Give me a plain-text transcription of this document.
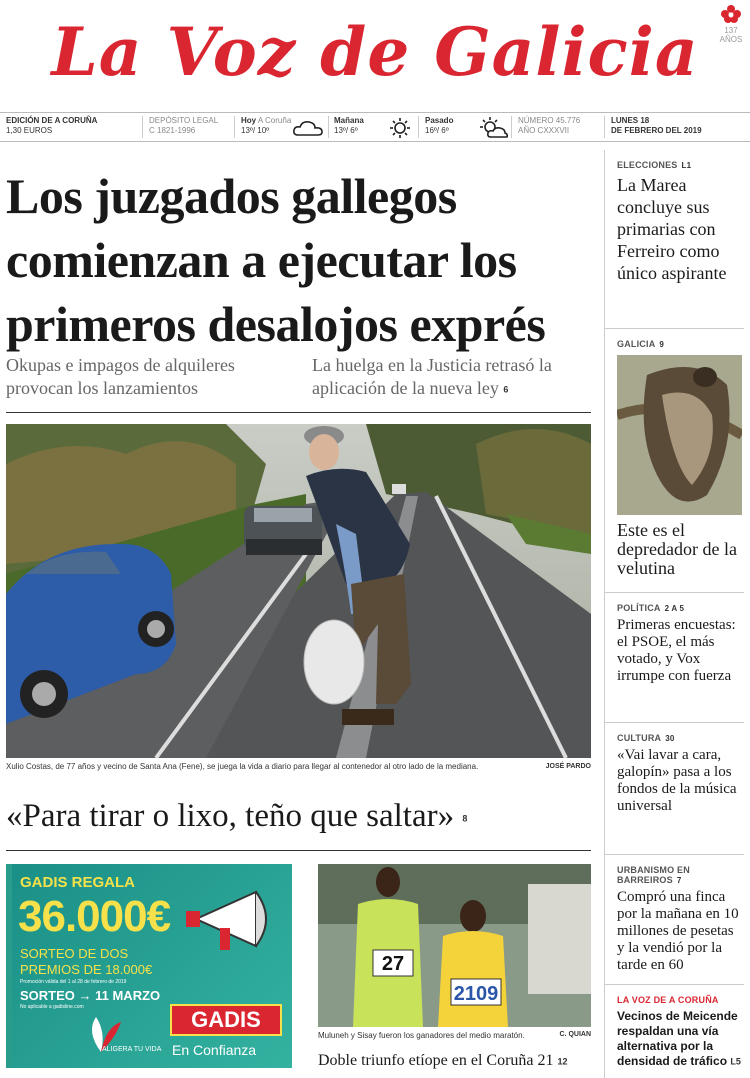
La Voz de Galicia	137
AÑOS
EDICIÓN DE A CORUÑA
1,30 EUROS
DEPÓSITO LEGAL
C 1821-1996
Hoy A Coruña
13º/ 10º
Mañana
13º/ 6º
Pasado
16º/ 6º
NÚMERO 45.776
AÑO CXXXVII
LUNES 18
DE FEBRERO DEL 2019
Los juzgados gallegos comienzan a ejecutar los primeros desalojos exprés
Okupas e impagos de alquileres provocan los lanzamientos
La huelga en la Justicia retrasó la aplicación de la nueva ley 6
JOSÉ PARDO
Xulio Costas, de 77 años y vecino de Santa Ana (Fene), se juega la vida a diario para llegar al contenedor al otro lado de la mediana.
«Para tirar o lixo, teño que saltar» 8
GADIS REGALA
36.000€
SORTEO DE DOS
PREMIOS DE 18.000€
Promoción válida del 1 al 28 de febrero de 2019
SORTEO → 11 MARZO
No aplicable a gadisline.com
ALIGERA TU VIDA
GADIS
En Confianza
27
2109
C. QUIAN
Muluneh y Sisay fueron los ganadores del medio maratón.
Doble triunfo etíope en el Coruña 21 12
ELECCIONES L1
La Marea concluye sus primarias con Ferreiro como único aspirante
GALICIA 9
Este es el depredador de la velutina
POLÍTICA 2 A 5
Primeras encuestas: el PSOE, el más votado, y Vox irrumpe con fuerza
CULTURA 30
«Vai lavar a cara, galopín» pasa a los fondos de la música universal
URBANISMO EN BARREIROS 7
Compró una finca por la mañana en 10 millones de pesetas y la vendió por la tarde en 60
LA VOZ DE A CORUÑA
Vecinos de Meicende respaldan una vía alternativa por la densidad de tráfico L5
